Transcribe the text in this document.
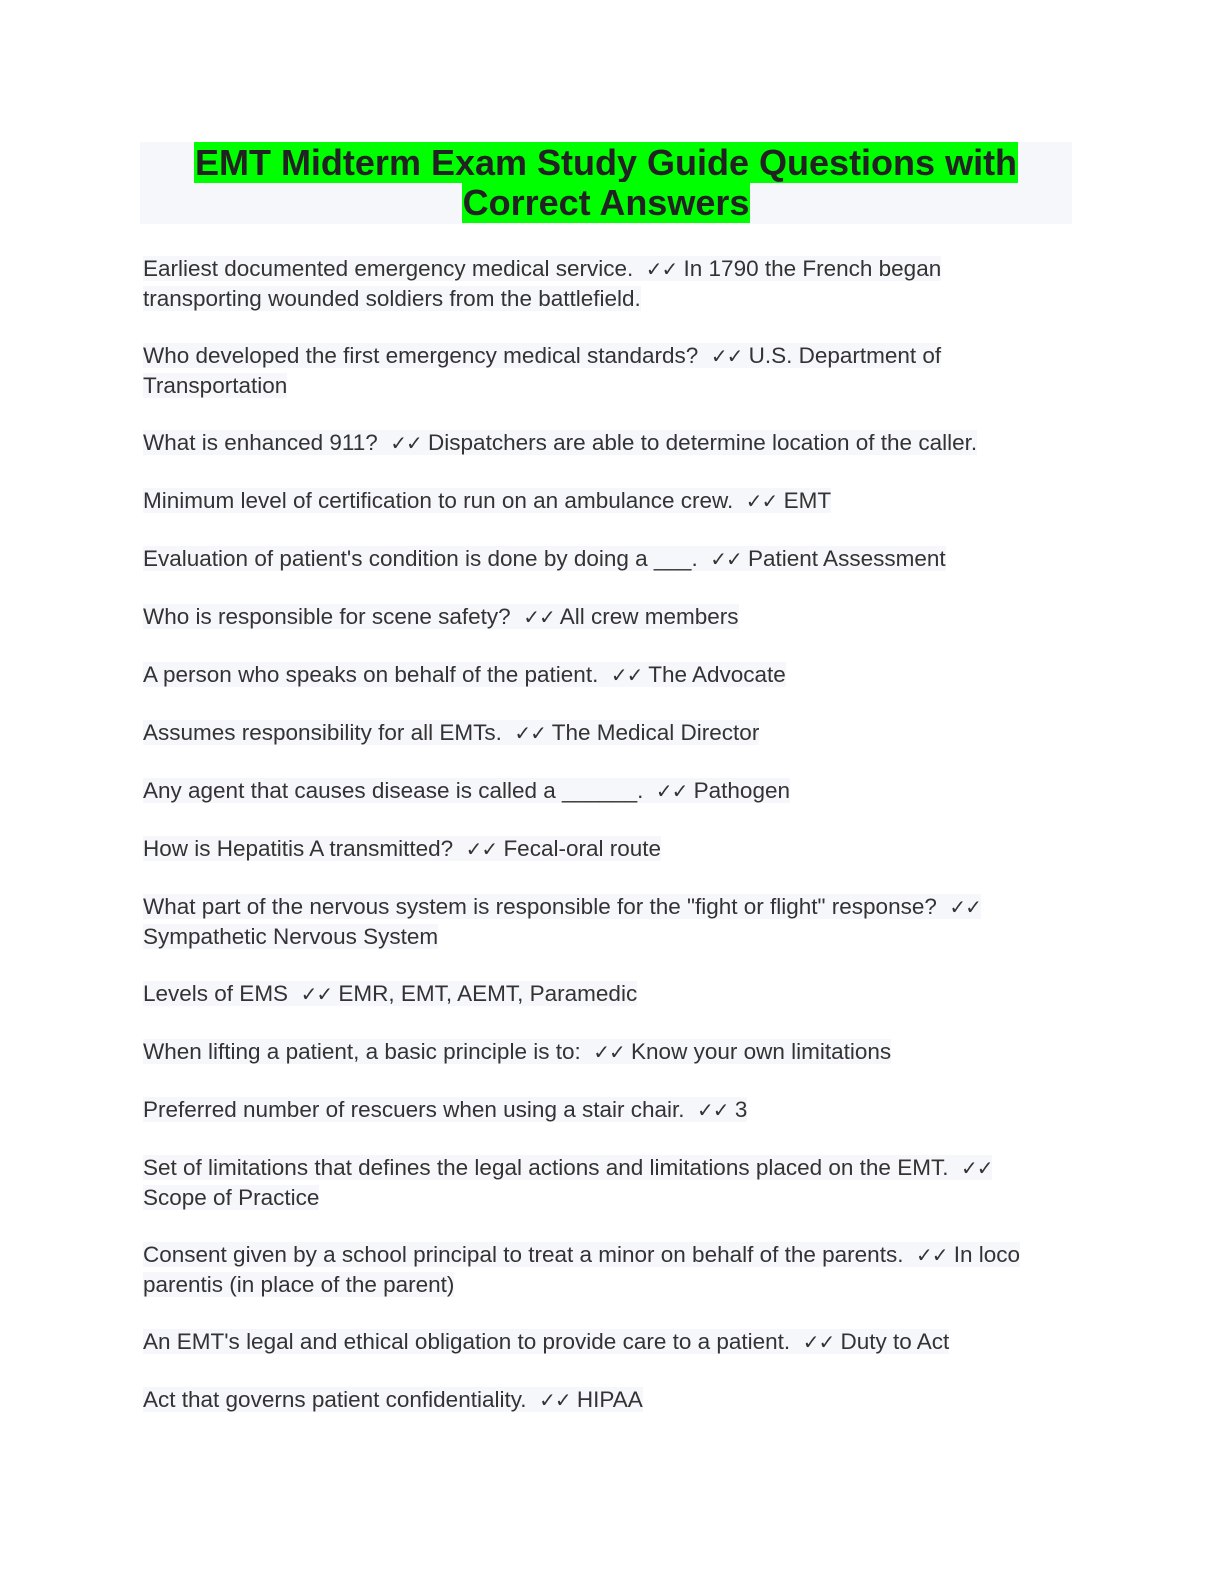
EMT Midterm Exam Study Guide Questions with Correct Answers

Earliest documented emergency medical service. ✓✓ In 1790 the French began transporting wounded soldiers from the battlefield.

Who developed the first emergency medical standards? ✓✓ U.S. Department of Transportation

What is enhanced 911? ✓✓ Dispatchers are able to determine location of the caller.

Minimum level of certification to run on an ambulance crew. ✓✓ EMT

Evaluation of patient's condition is done by doing a ___. ✓✓ Patient Assessment

Who is responsible for scene safety? ✓✓ All crew members

A person who speaks on behalf of the patient. ✓✓ The Advocate

Assumes responsibility for all EMTs. ✓✓ The Medical Director

Any agent that causes disease is called a ______. ✓✓ Pathogen

How is Hepatitis A transmitted? ✓✓ Fecal-oral route

What part of the nervous system is responsible for the "fight or flight" response? ✓✓ Sympathetic Nervous System

Levels of EMS ✓✓ EMR, EMT, AEMT, Paramedic

When lifting a patient, a basic principle is to: ✓✓ Know your own limitations

Preferred number of rescuers when using a stair chair. ✓✓ 3

Set of limitations that defines the legal actions and limitations placed on the EMT. ✓✓ Scope of Practice

Consent given by a school principal to treat a minor on behalf of the parents. ✓✓ In loco parentis (in place of the parent)

An EMT's legal and ethical obligation to provide care to a patient. ✓✓ Duty to Act

Act that governs patient confidentiality. ✓✓ HIPAA
